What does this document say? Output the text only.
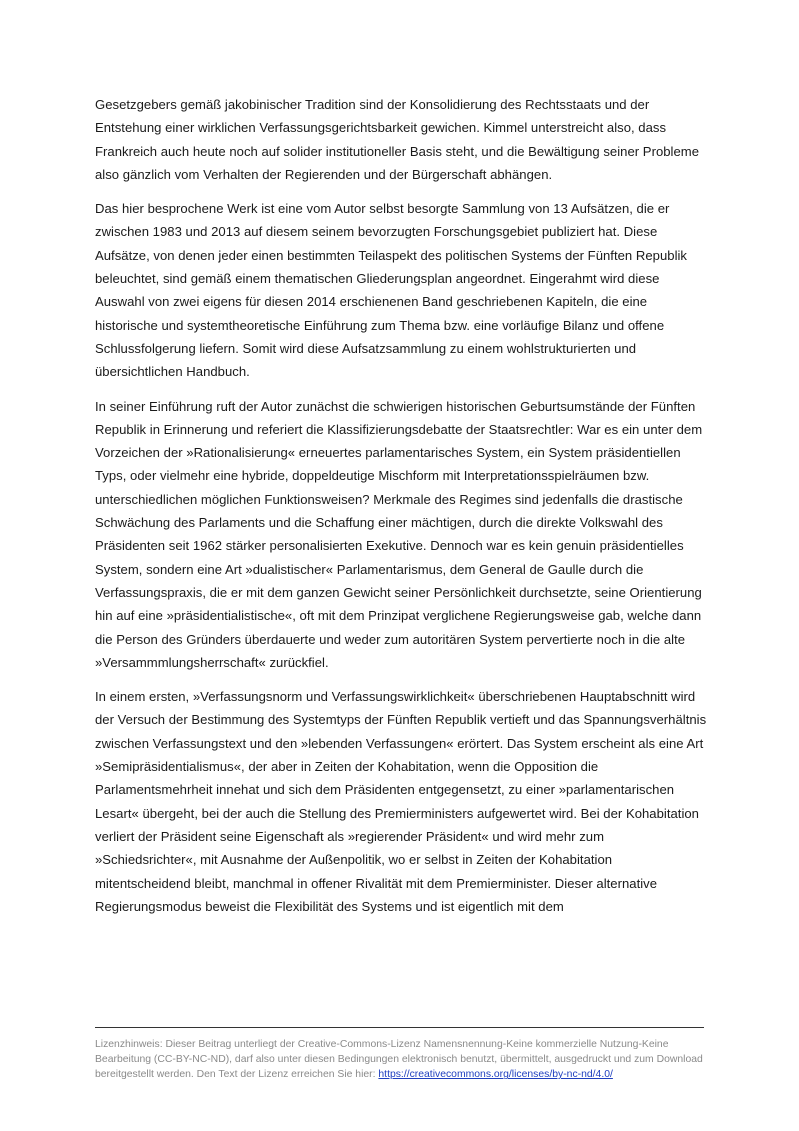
Gesetzgebers gemäß jakobinischer Tradition sind der Konsolidierung des Rechtsstaats und der Entstehung einer wirklichen Verfassungsgerichtsbarkeit gewichen. Kimmel unterstreicht also, dass Frankreich auch heute noch auf solider institutioneller Basis steht, und die Bewältigung seiner Probleme also gänzlich vom Verhalten der Regierenden und der Bürgerschaft abhängen.

Das hier besprochene Werk ist eine vom Autor selbst besorgte Sammlung von 13 Aufsätzen, die er zwischen 1983 und 2013 auf diesem seinem bevorzugten Forschungsgebiet publiziert hat. Diese Aufsätze, von denen jeder einen bestimmten Teilaspekt des politischen Systems der Fünften Republik beleuchtet, sind gemäß einem thematischen Gliederungsplan angeordnet. Eingerahmt wird diese Auswahl von zwei eigens für diesen 2014 erschienenen Band geschriebenen Kapiteln, die eine historische und systemtheoretische Einführung zum Thema bzw. eine vorläufige Bilanz und offene Schlussfolgerung liefern. Somit wird diese Aufsatzsammlung zu einem wohlstrukturierten und übersichtlichen Handbuch.

In seiner Einführung ruft der Autor zunächst die schwierigen historischen Geburtsumstände der Fünften Republik in Erinnerung und referiert die Klassifizierungsdebatte der Staatsrechtler: War es ein unter dem Vorzeichen der »Rationalisierung« erneuertes parlamentarisches System, ein System präsidentiellen Typs, oder vielmehr eine hybride, doppeldeutige Mischform mit Interpretationsspielräumen bzw. unterschiedlichen möglichen Funktionsweisen? Merkmale des Regimes sind jedenfalls die drastische Schwächung des Parlaments und die Schaffung einer mächtigen, durch die direkte Volkswahl des Präsidenten seit 1962 stärker personalisierten Exekutive. Dennoch war es kein genuin präsidentielles System, sondern eine Art »dualistischer« Parlamentarismus, dem General de Gaulle durch die Verfassungspraxis, die er mit dem ganzen Gewicht seiner Persönlichkeit durchsetzte, seine Orientierung hin auf eine »präsidentialistische«, oft mit dem Prinzipat verglichene Regierungsweise gab, welche dann die Person des Gründers überdauerte und weder zum autoritären System pervertierte noch in die alte »Versammmlungsherrschaft« zurückfiel.

In einem ersten, »Verfassungsnorm und Verfassungswirklichkeit« überschriebenen Hauptabschnitt wird der Versuch der Bestimmung des Systemtyps der Fünften Republik vertieft und das Spannungsverhältnis zwischen Verfassungstext und den »lebenden Verfassungen« erörtert. Das System erscheint als eine Art »Semipräsidentialismus«, der aber in Zeiten der Kohabitation, wenn die Opposition die Parlamentsmehrheit innehat und sich dem Präsidenten entgegensetzt, zu einer »parlamentarischen Lesart« übergeht, bei der auch die Stellung des Premierministers aufgewertet wird. Bei der Kohabitation verliert der Präsident seine Eigenschaft als »regierender Präsident« und wird mehr zum »Schiedsrichter«, mit Ausnahme der Außenpolitik, wo er selbst in Zeiten der Kohabitation mitentscheidend bleibt, manchmal in offener Rivalität mit dem Premierminister. Dieser alternative Regierungsmodus beweist die Flexibilität des Systems und ist eigentlich mit dem

Lizenzhinweis: Dieser Beitrag unterliegt der Creative-Commons-Lizenz Namensnennung-Keine kommerzielle Nutzung-Keine Bearbeitung (CC-BY-NC-ND), darf also unter diesen Bedingungen elektronisch benutzt, übermittelt, ausgedruckt und zum Download bereitgestellt werden. Den Text der Lizenz erreichen Sie hier: https://creativecommons.org/licenses/by-nc-nd/4.0/
